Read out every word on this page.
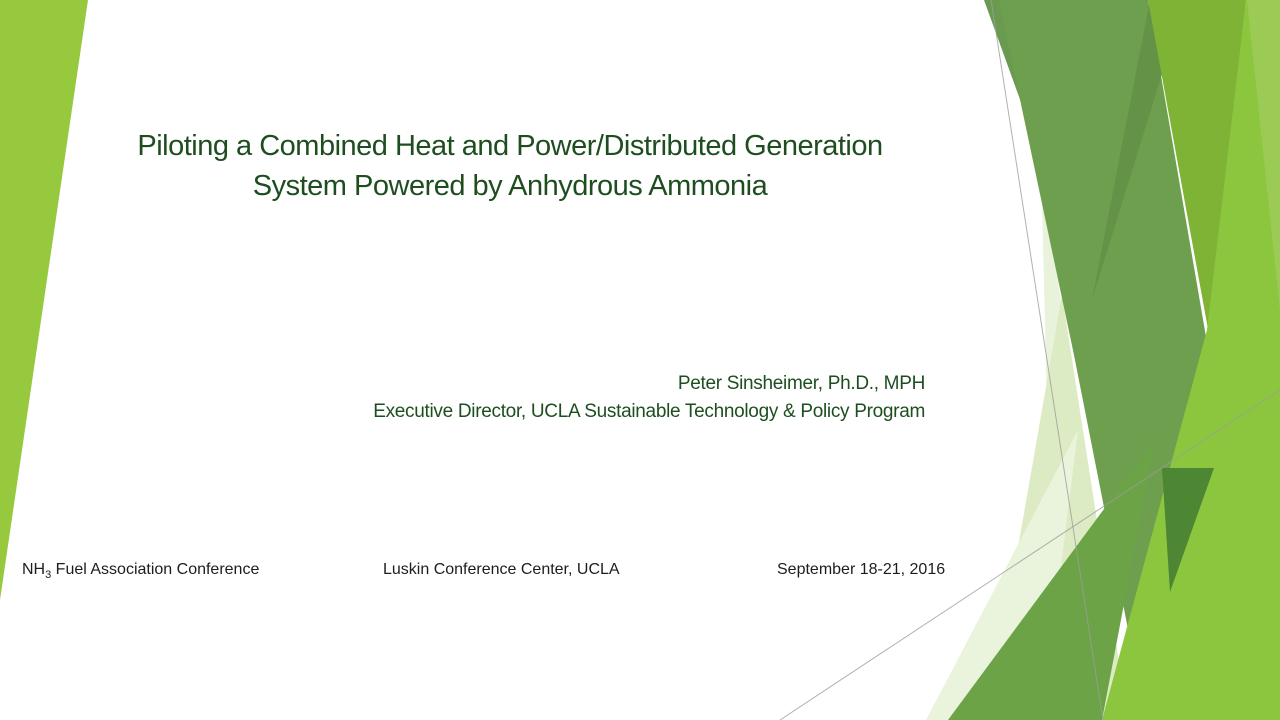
Piloting a Combined Heat and Power/Distributed Generation
System Powered by Anhydrous Ammonia
Peter Sinsheimer, Ph.D., MPH
Executive Director, UCLA Sustainable Technology & Policy Program
$NH_3$ Fuel Association Conference	Luskin Conference Center, UCLA	September 18-21, 2016
